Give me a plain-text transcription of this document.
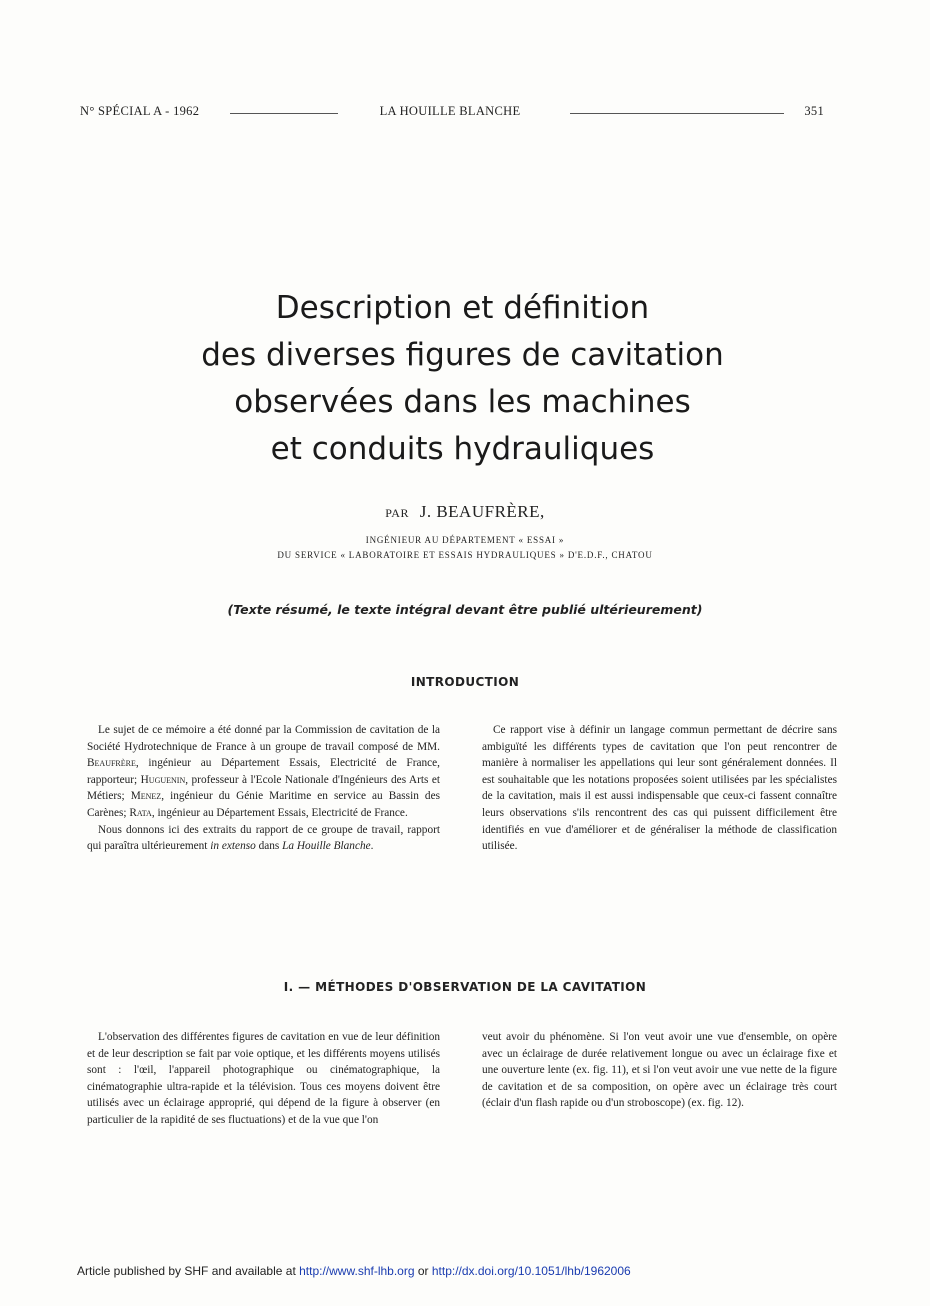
N° SPÉCIAL A - 1962	LA HOUILLE BLANCHE	351
Description et définition
des diverses figures de cavitation
observées dans les machines
et conduits hydrauliques
PAR J. BEAUFRÈRE,
INGÉNIEUR AU DÉPARTEMENT « ESSAI »
DU SERVICE « LABORATOIRE ET ESSAIS HYDRAULIQUES » D'E.D.F., CHATOU
(Texte résumé, le texte intégral devant être publié ultérieurement)
INTRODUCTION

Le sujet de ce mémoire a été donné par la Commission de cavitation de la Société Hydrotechnique de France à un groupe de travail composé de MM. Beaufrère, ingénieur au Département Essais, Electricité de France, rapporteur; Huguenin, professeur à l'Ecole Nationale d'Ingénieurs des Arts et Métiers; Menez, ingénieur du Génie Maritime en service au Bassin des Carènes; Rata, ingénieur au Département Essais, Electricité de France.

Nous donnons ici des extraits du rapport de ce groupe de travail, rapport qui paraîtra ultérieurement in extenso dans La Houille Blanche.

Ce rapport vise à définir un langage commun permettant de décrire sans ambiguïté les différents types de cavitation que l'on peut rencontrer de manière à normaliser les appellations qui leur sont généralement données. Il est souhaitable que les notations proposées soient utilisées par les spécialistes de la cavitation, mais il est aussi indispensable que ceux-ci fassent connaître leurs observations s'ils rencontrent des cas qui puissent difficilement être identifiés en vue d'améliorer et de généraliser la méthode de classification utilisée.

I. — MÉTHODES D'OBSERVATION DE LA CAVITATION

L'observation des différentes figures de cavitation en vue de leur définition et de leur description se fait par voie optique, et les différents moyens utilisés sont : l'œil, l'appareil photographique ou cinématographique, la cinématographie ultra-rapide et la télévision. Tous ces moyens doivent être utilisés avec un éclairage approprié, qui dépend de la figure à observer (en particulier de la rapidité de ses fluctuations) et de la vue que l'on

veut avoir du phénomène. Si l'on veut avoir une vue d'ensemble, on opère avec un éclairage de durée relativement longue ou avec un éclairage fixe et une ouverture lente (ex. fig. 11), et si l'on veut avoir une vue nette de la figure de cavitation et de sa composition, on opère avec un éclairage très court (éclair d'un flash rapide ou d'un stroboscope) (ex. fig. 12).

Article published by SHF and available at http://www.shf-lhb.org or http://dx.doi.org/10.1051/lhb/1962006
